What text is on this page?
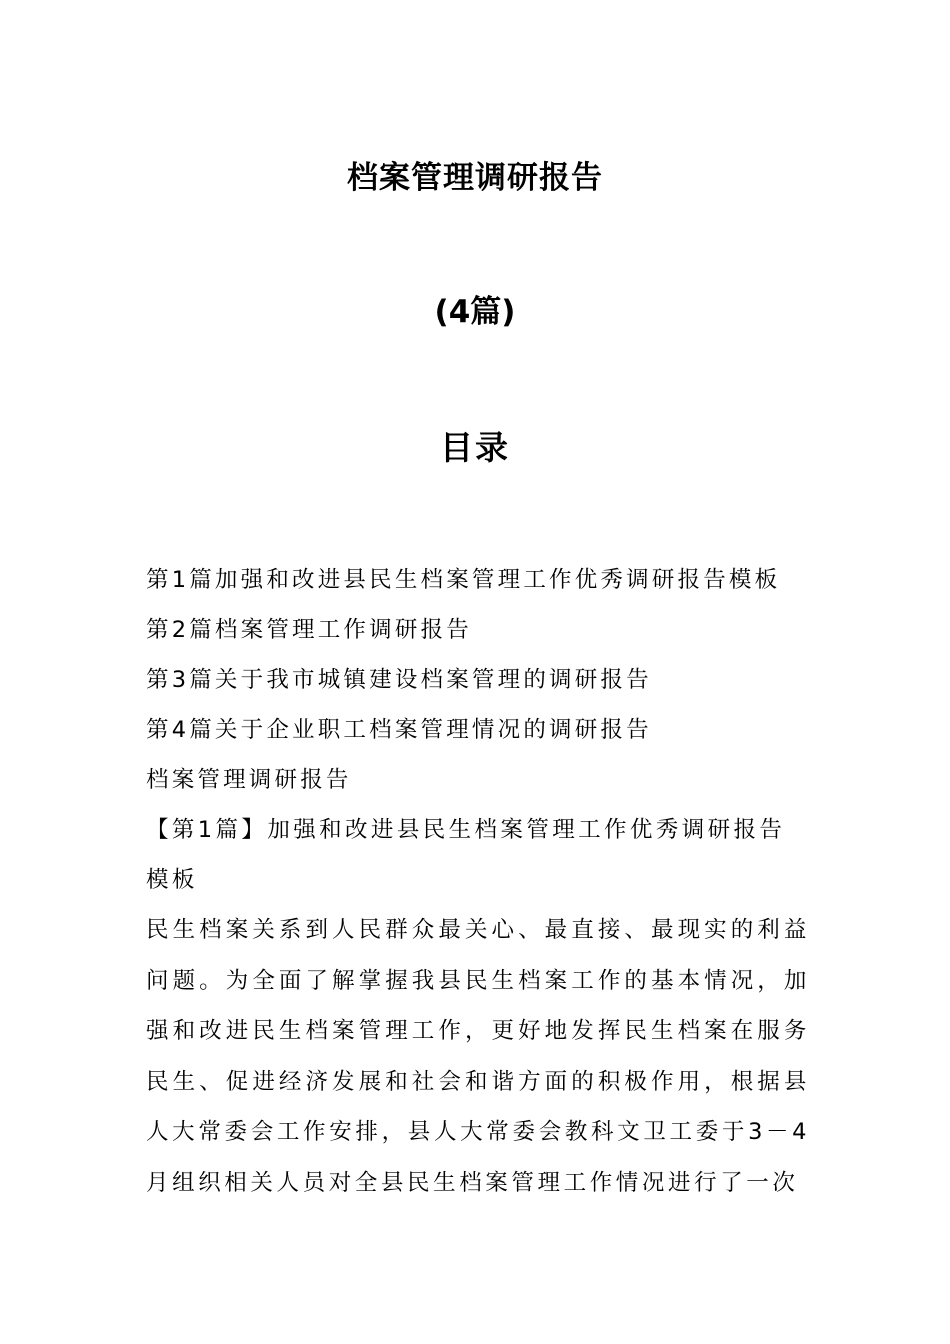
档案管理调研报告
(4篇)
目录
第1篇加强和改进县民生档案管理工作优秀调研报告模板
第2篇档案管理工作调研报告
第3篇关于我市城镇建设档案管理的调研报告
第4篇关于企业职工档案管理情况的调研报告

档案管理调研报告

【第1篇】加强和改进县民生档案管理工作优秀调研报告模板

民生档案关系到人民群众最关心、最直接、最现实的利益问题。为全面了解掌握我县民生档案工作的基本情况，加强和改进民生档案管理工作，更好地发挥民生档案在服务民生、促进经济发展和社会和谐方面的积极作用，根据县人大常委会工作安排，县人大常委会教科文卫工委于3－4月组织相关人员对全县民生档案管理工作情况进行了一次
